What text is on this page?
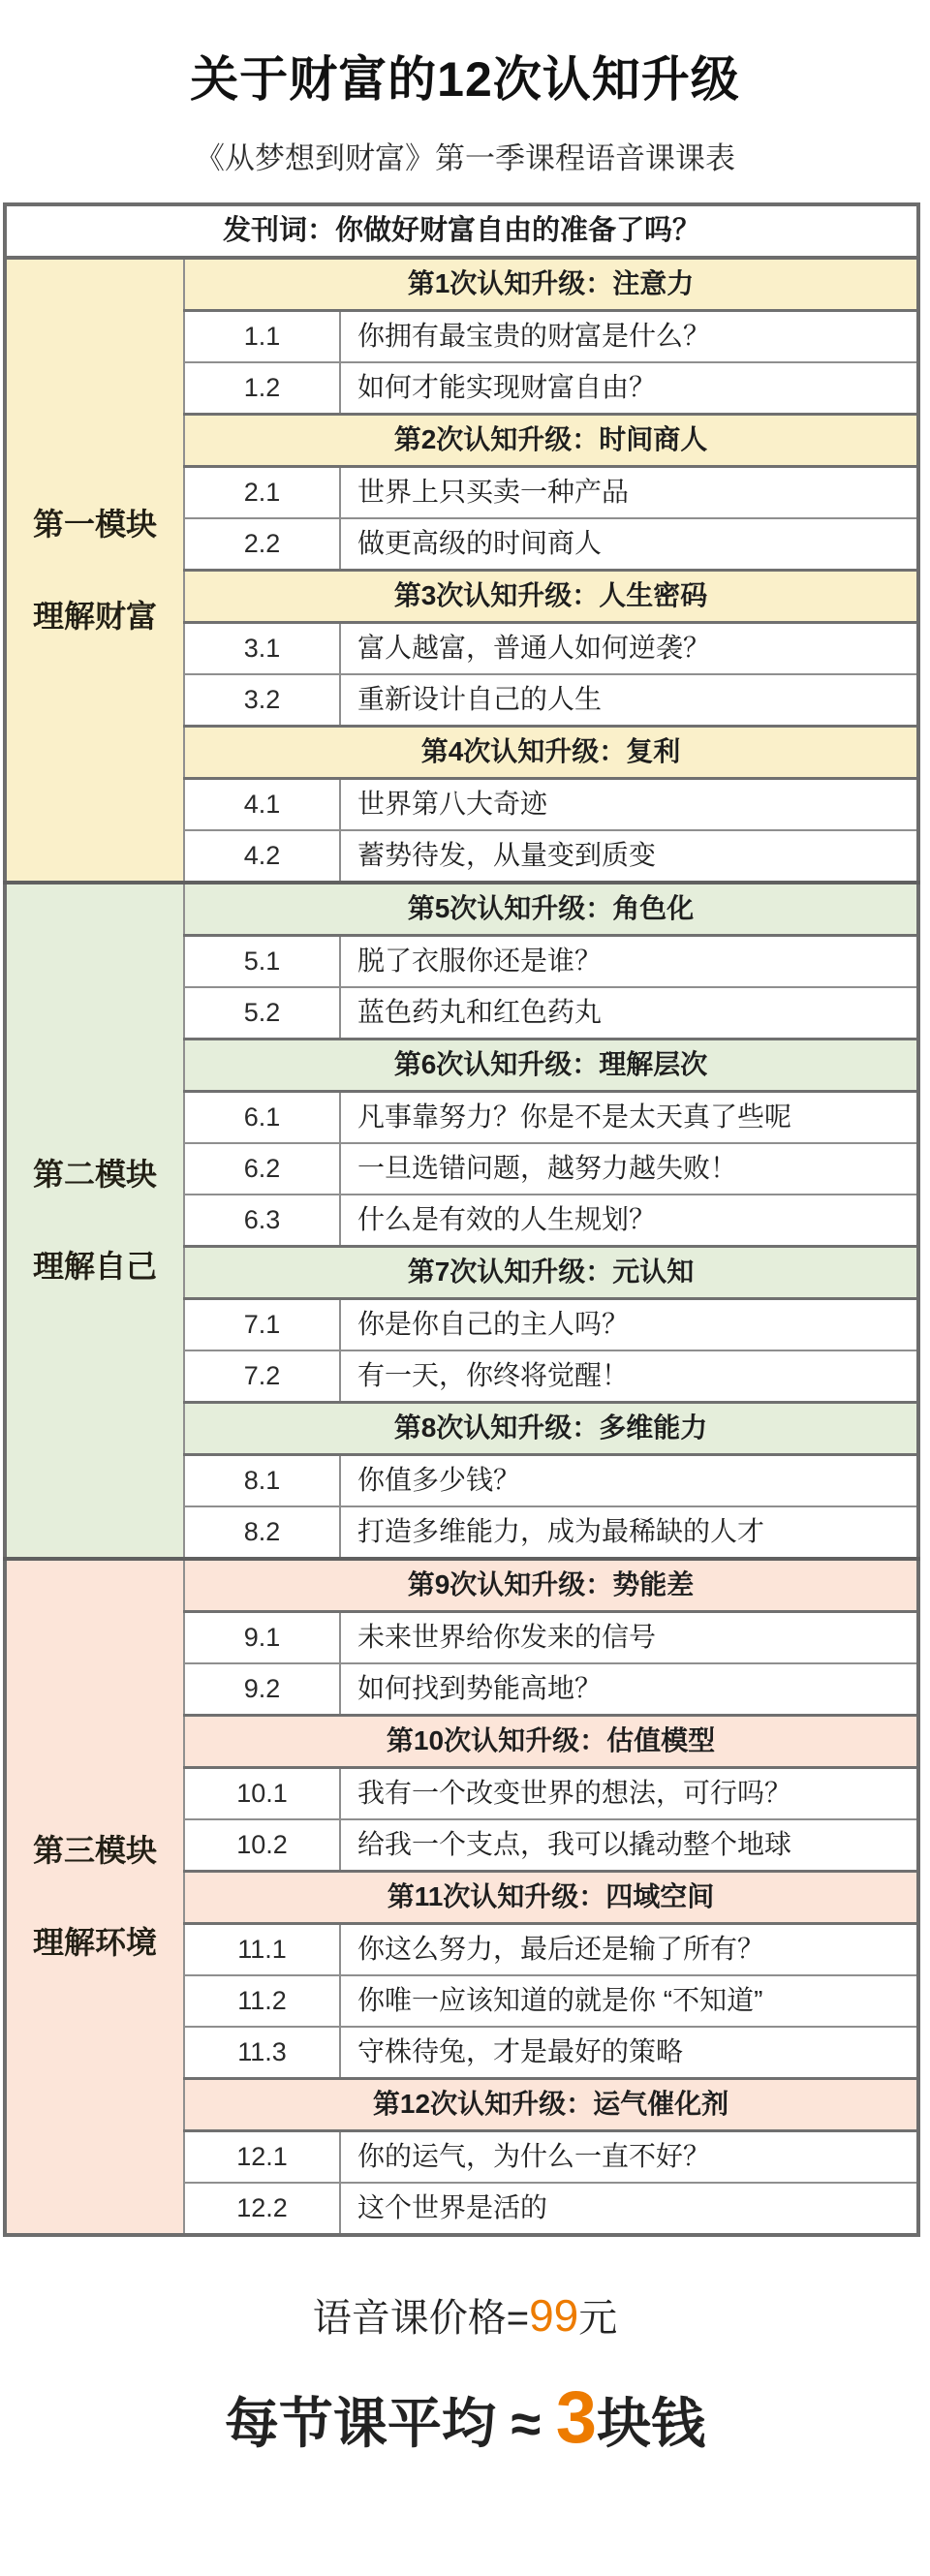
关于财富的12次认知升级
《从梦想到财富》第一季课程语音课课表
发刊词：你做好财富自由的准备了吗？		

第一模块
理解财富	第1次认知升级：注意力	
	1.1	你拥有最宝贵的财富是什么？
	1.2	如何才能实现财富自由？
	第2次认知升级：时间商人	
	2.1	世界上只买卖一种产品
	2.2	做更高级的时间商人
	第3次认知升级：人生密码	
	3.1	富人越富，普通人如何逆袭？
	3.2	重新设计自己的人生
	第4次认知升级：复利	
	4.1	世界第八大奇迹
	4.2	蓄势待发，从量变到质变

第二模块
理解自己	第5次认知升级：角色化	
	5.1	脱了衣服你还是谁？
	5.2	蓝色药丸和红色药丸
	第6次认知升级：理解层次	
	6.1	凡事靠努力？你是不是太天真了些呢
	6.2	一旦选错问题，越努力越失败！
	6.3	什么是有效的人生规划？
	第7次认知升级：元认知	
	7.1	你是你自己的主人吗？
	7.2	有一天，你终将觉醒！
	第8次认知升级：多维能力	
	8.1	你值多少钱？
	8.2	打造多维能力，成为最稀缺的人才

第三模块
理解环境	第9次认知升级：势能差	
	9.1	未来世界给你发来的信号
	9.2	如何找到势能高地？
	第10次认知升级：估值模型	
	10.1	我有一个改变世界的想法，可行吗？
	10.2	给我一个支点，我可以撬动整个地球
	第11次认知升级：四域空间	
	11.1	你这么努力，最后还是输了所有？
	11.2	你唯一应该知道的就是你 “不知道”
	11.3	守株待兔，才是最好的策略
	第12次认知升级：运气催化剂	
	12.1	你的运气，为什么一直不好？
	12.2	这个世界是活的
语音课价格=99元
每节课平均 ≈ 3块钱
